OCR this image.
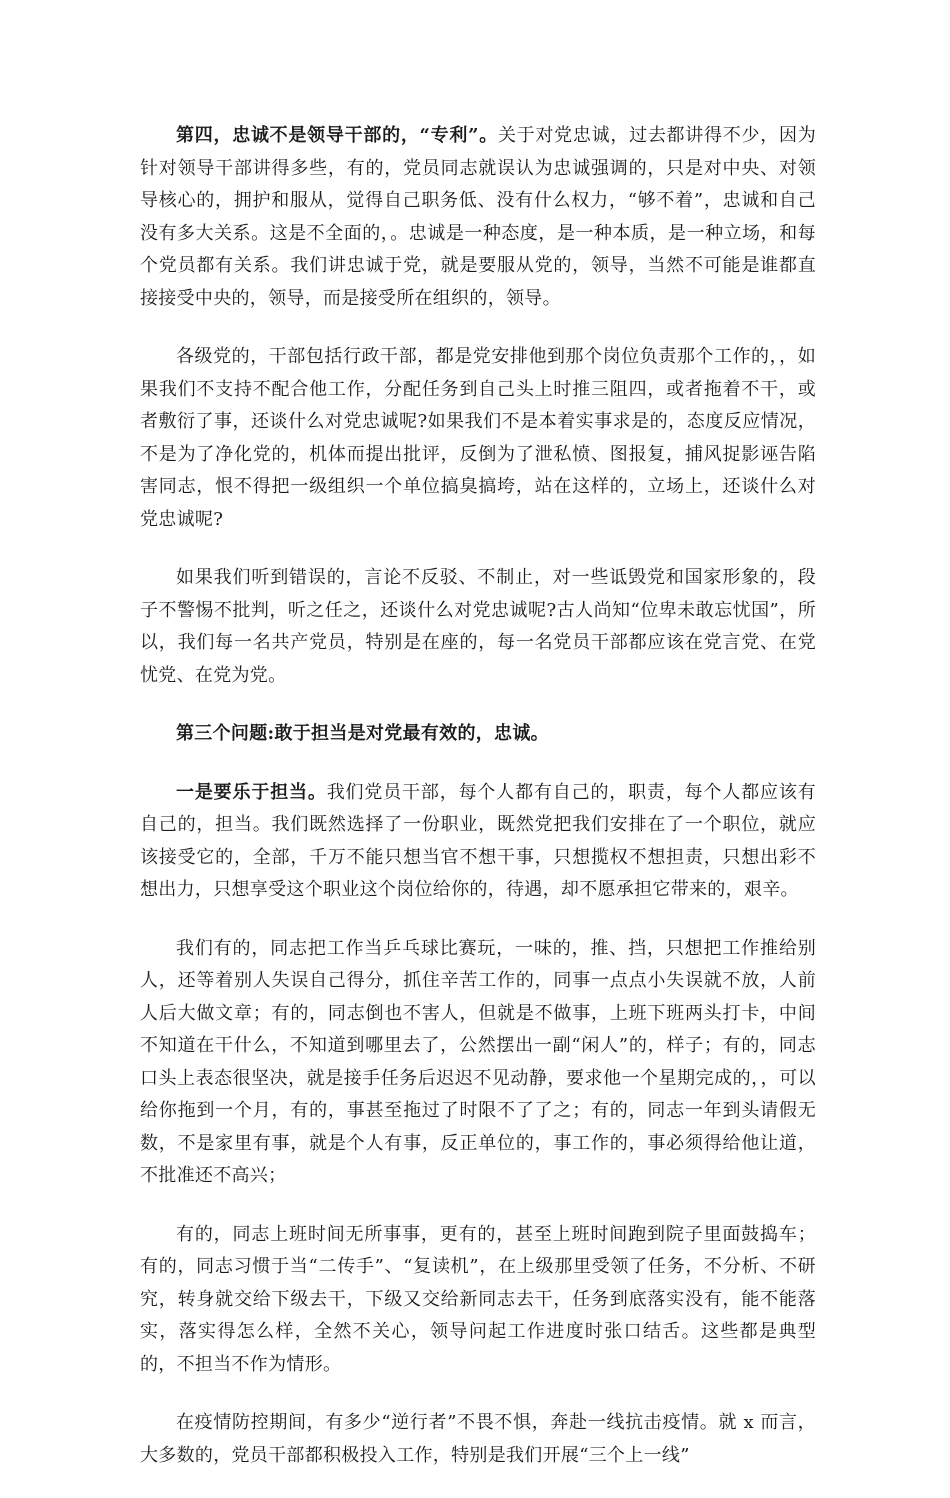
第四，忠诚不是领导干部的，“专利”。关于对党忠诚，过去都讲得不少，因为针对领导干部讲得多些，有的，党员同志就误认为忠诚强调的，只是对中央、对领导核心的，拥护和服从，觉得自己职务低、没有什么权力，“够不着”，忠诚和自己没有多大关系。这是不全面的，。忠诚是一种态度，是一种本质，是一种立场，和每个党员都有关系。我们讲忠诚于党，就是要服从党的，领导，当然不可能是谁都直接接受中央的，领导，而是接受所在组织的，领导。

各级党的，干部包括行政干部，都是党安排他到那个岗位负责那个工作的，，如果我们不支持不配合他工作，分配任务到自己头上时推三阻四，或者拖着不干，或者敷衍了事，还谈什么对党忠诚呢?如果我们不是本着实事求是的，态度反应情况，不是为了净化党的，机体而提出批评，反倒为了泄私愤、图报复，捕风捉影诬告陷害同志，恨不得把一级组织一个单位搞臭搞垮，站在这样的，立场上，还谈什么对党忠诚呢?

如果我们听到错误的，言论不反驳、不制止，对一些诋毁党和国家形象的，段子不警惕不批判，听之任之，还谈什么对党忠诚呢?古人尚知“位卑未敢忘忧国”，所以，我们每一名共产党员，特别是在座的，每一名党员干部都应该在党言党、在党忧党、在党为党。

第三个问题:敢于担当是对党最有效的，忠诚。

一是要乐于担当。我们党员干部，每个人都有自己的，职责，每个人都应该有自己的，担当。我们既然选择了一份职业，既然党把我们安排在了一个职位，就应该接受它的，全部，千万不能只想当官不想干事，只想揽权不想担责，只想出彩不想出力，只想享受这个职业这个岗位给你的，待遇，却不愿承担它带来的，艰辛。

我们有的，同志把工作当乒乓球比赛玩，一味的，推、挡，只想把工作推给别人，还等着别人失误自己得分，抓住辛苦工作的，同事一点点小失误就不放，人前人后大做文章；有的，同志倒也不害人，但就是不做事，上班下班两头打卡，中间不知道在干什么，不知道到哪里去了，公然摆出一副“闲人”的，样子；有的，同志口头上表态很坚决，就是接手任务后迟迟不见动静，要求他一个星期完成的，，可以给你拖到一个月，有的，事甚至拖过了时限不了了之；有的，同志一年到头请假无数，不是家里有事，就是个人有事，反正单位的，事工作的，事必须得给他让道，不批准还不高兴；

有的，同志上班时间无所事事，更有的，甚至上班时间跑到院子里面鼓捣车；有的，同志习惯于当“二传手”、“复读机”，在上级那里受领了任务，不分析、不研究，转身就交给下级去干，下级又交给新同志去干，任务到底落实没有，能不能落实，落实得怎么样，全然不关心，领导问起工作进度时张口结舌。这些都是典型的，不担当不作为情形。

在疫情防控期间，有多少“逆行者”不畏不惧，奔赴一线抗击疫情。就 x 而言，大多数的，党员干部都积极投入工作，特别是我们开展“三个上一线”
